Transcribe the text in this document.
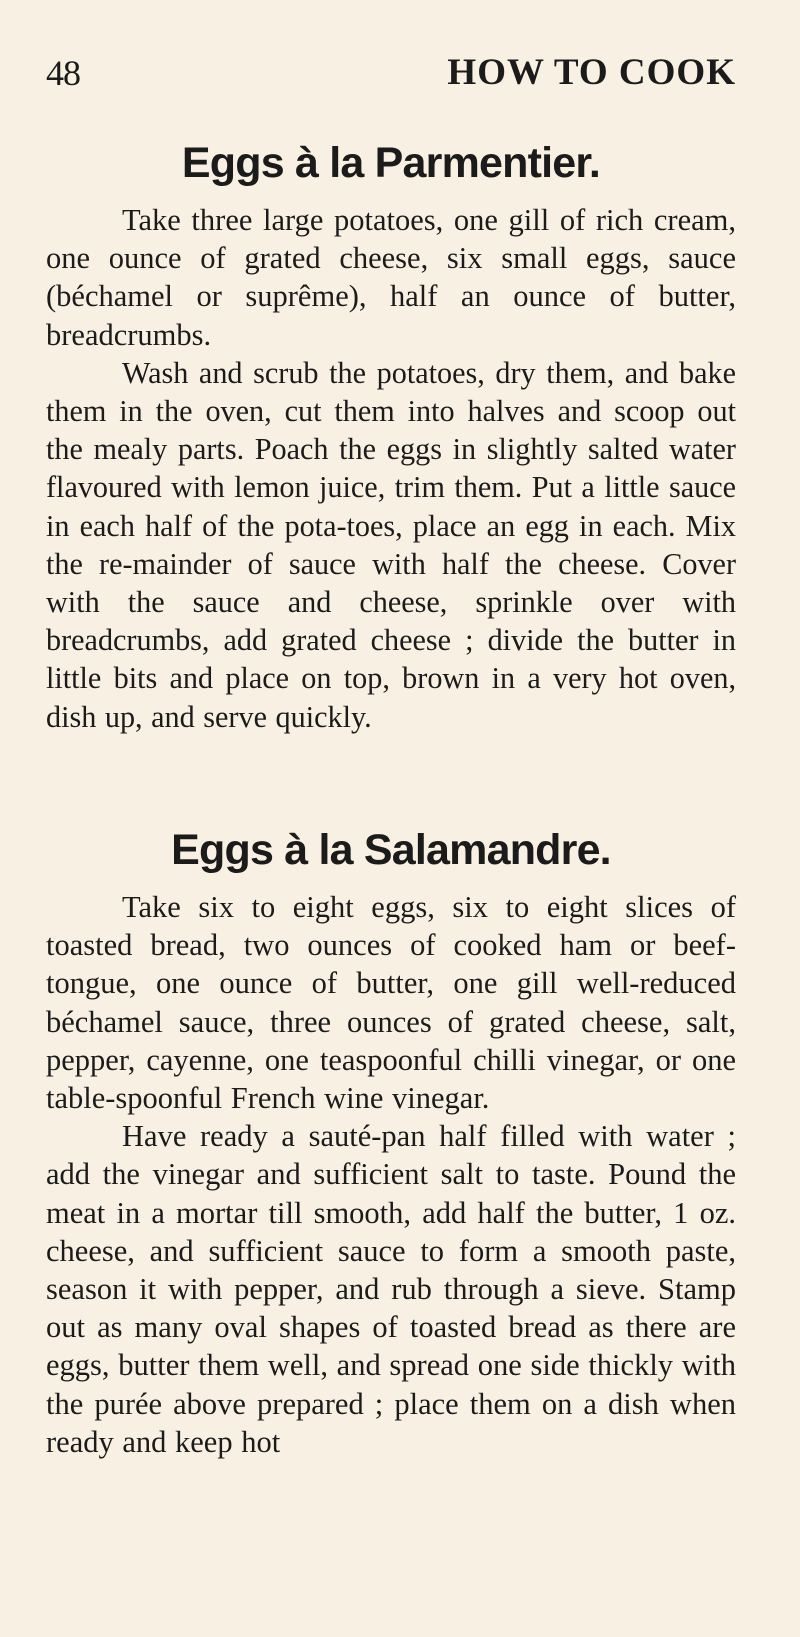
48	HOW TO COOK
Eggs à la Parmentier.

Take three large potatoes, one gill of rich cream, one ounce of grated cheese, six small eggs, sauce (béchamel or suprême), half an ounce of butter, breadcrumbs.

Wash and scrub the potatoes, dry them, and bake them in the oven, cut them into halves and scoop out the mealy parts. Poach the eggs in slightly salted water flavoured with lemon juice, trim them. Put a little sauce in each half of the pota-toes, place an egg in each. Mix the re-mainder of sauce with half the cheese. Cover with the sauce and cheese, sprinkle over with breadcrumbs, add grated cheese ; divide the butter in little bits and place on top, brown in a very hot oven, dish up, and serve quickly.

Eggs à la Salamandre.

Take six to eight eggs, six to eight slices of toasted bread, two ounces of cooked ham or beef-tongue, one ounce of butter, one gill well-reduced béchamel sauce, three ounces of grated cheese, salt, pepper, cayenne, one teaspoonful chilli vinegar, or one table-spoonful French wine vinegar.

Have ready a sauté-pan half filled with water ; add the vinegar and sufficient salt to taste. Pound the meat in a mortar till smooth, add half the butter, 1 oz. cheese, and sufficient sauce to form a smooth paste, season it with pepper, and rub through a sieve. Stamp out as many oval shapes of toasted bread as there are eggs, butter them well, and spread one side thickly with the purée above prepared ; place them on a dish when ready and keep hot
